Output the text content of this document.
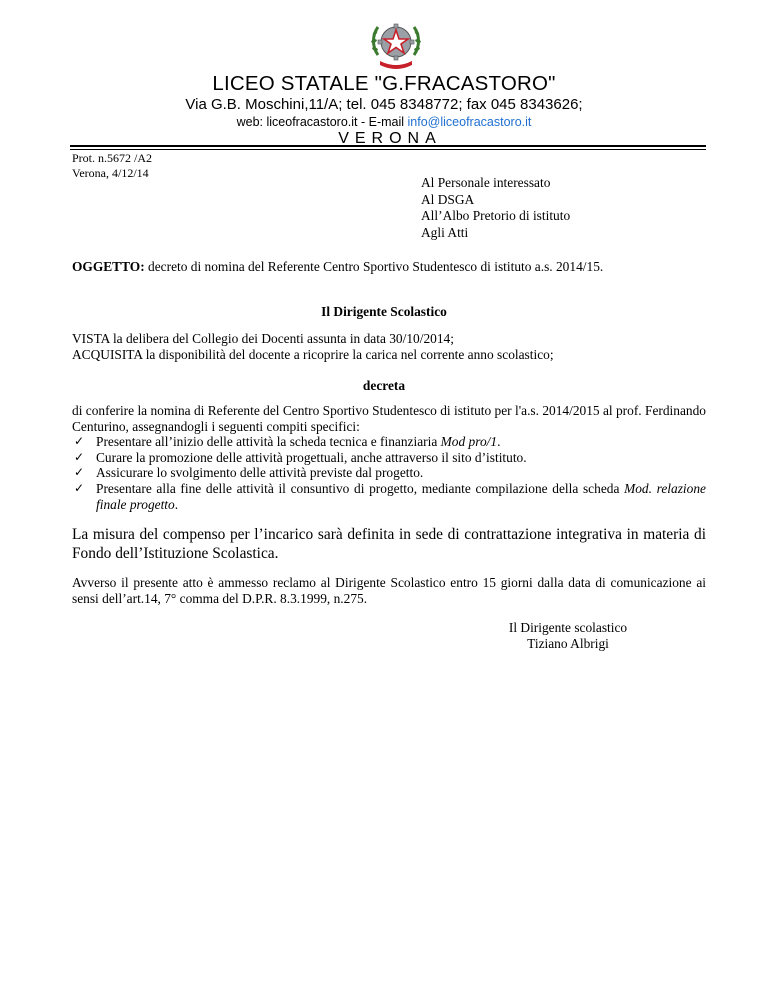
LICEO STATALE "G.FRACASTORO"
Via G.B. Moschini,11/A; tel. 045 8348772; fax 045 8343626;
web: liceofracastoro.it - E-mail info@liceofracastoro.it
VERONA
Prot. n.5672 /A2
Verona, 4/12/14
Al Personale interessato
Al DSGA
All’Albo Pretorio di istituto
Agli Atti
OGGETTO: decreto di nomina del Referente Centro Sportivo Studentesco di istituto a.s. 2014/15.
Il Dirigente Scolastico
VISTA la delibera del Collegio dei Docenti assunta in data 30/10/2014;
ACQUISITA la disponibilità del docente a ricoprire la carica nel corrente anno scolastico;
decreta

di conferire la nomina di Referente del Centro Sportivo Studentesco di istituto per l'a.s. 2014/2015 al prof. Ferdinando Centurino, assegnandogli i seguenti compiti specifici:

✓ Presentare all’inizio delle attività la scheda tecnica e finanziaria Mod pro/1.
✓ Curare la promozione delle attività progettuali, anche attraverso il sito d’istituto.
✓ Assicurare lo svolgimento delle attività previste dal progetto.
✓ Presentare alla fine delle attività il consuntivo di progetto, mediante compilazione della scheda Mod. relazione finale progetto.
La misura del compenso per l’incarico sarà definita in sede di contrattazione integrativa in materia di Fondo dell’Istituzione Scolastica.
Avverso il presente atto è ammesso reclamo al Dirigente Scolastico entro 15 giorni dalla data di comunicazione ai sensi dell’art.14, 7° comma del D.P.R. 8.3.1999, n.275.
Il Dirigente scolastico
Tiziano Albrigi
